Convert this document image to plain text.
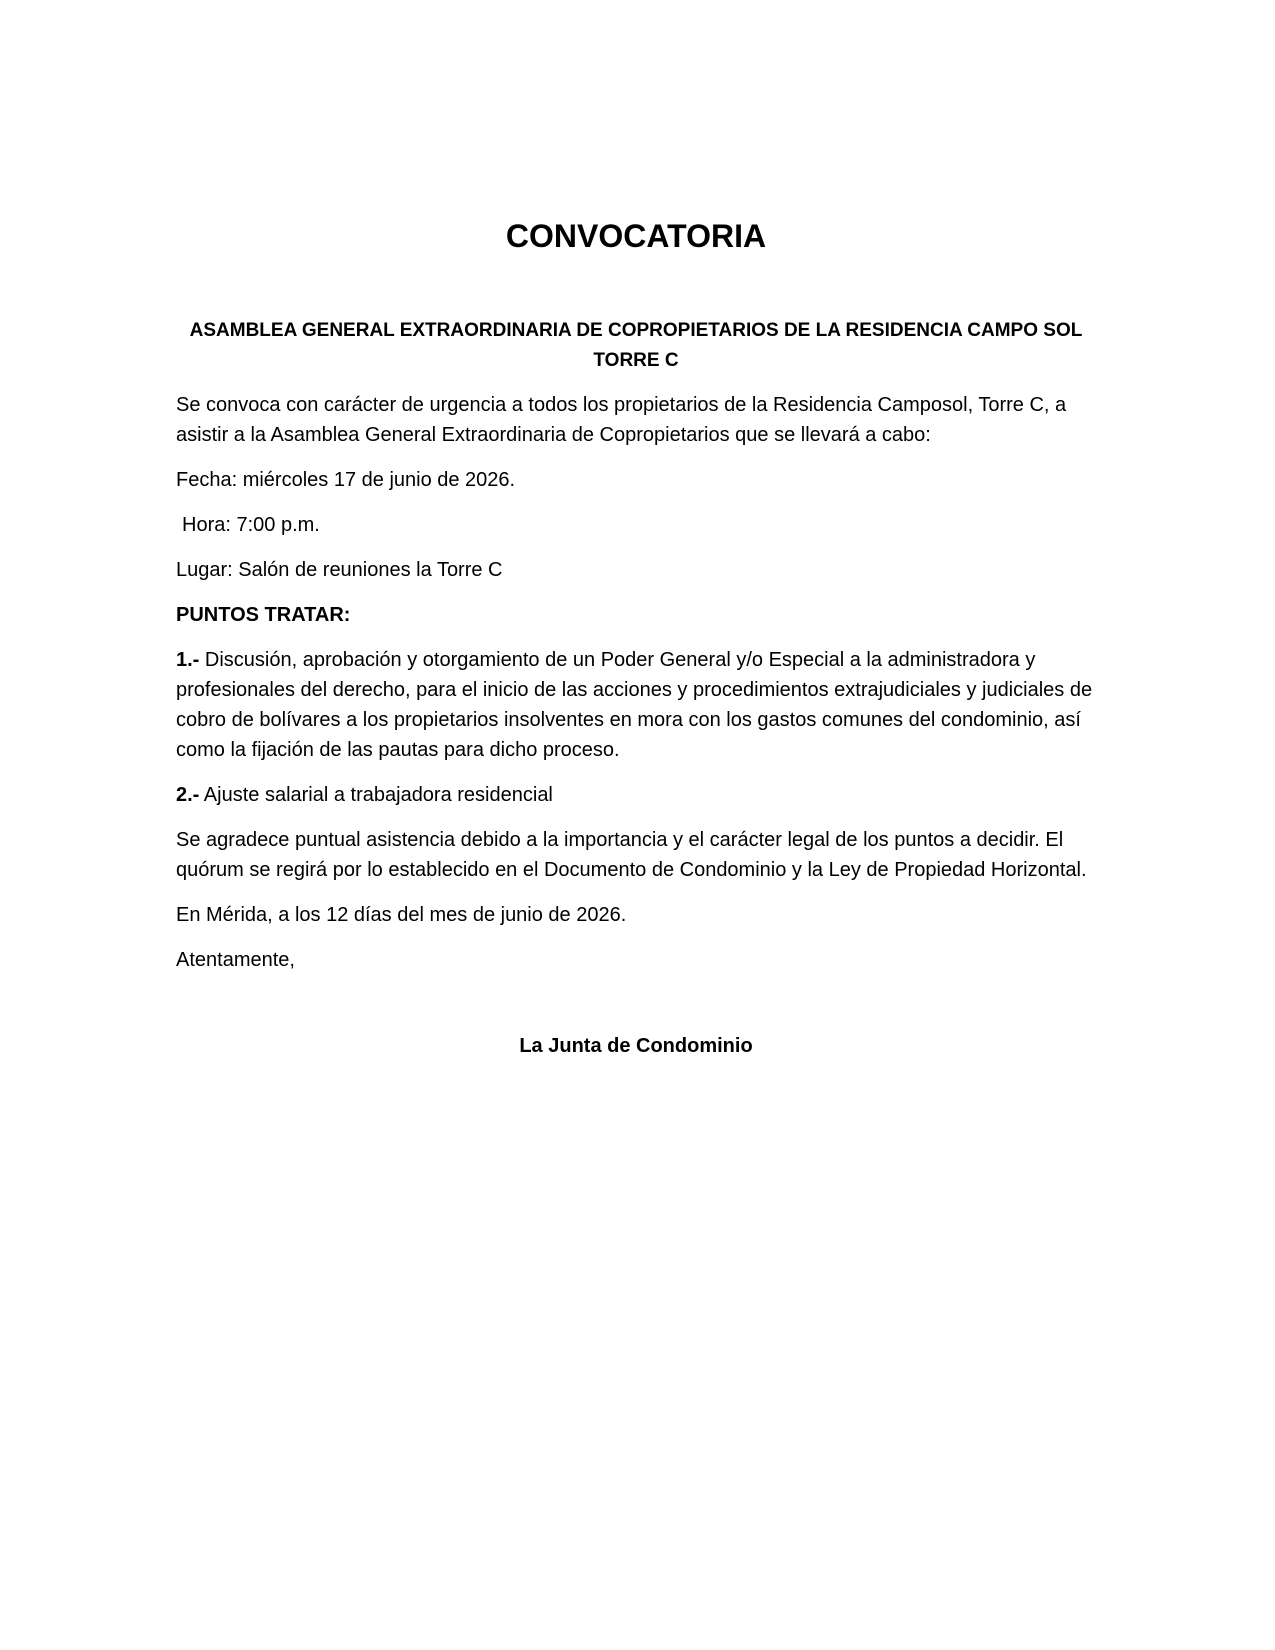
CONVOCATORIA
ASAMBLEA GENERAL EXTRAORDINARIA DE COPROPIETARIOS DE LA RESIDENCIA CAMPO SOL
TORRE C

Se convoca con carácter de urgencia a todos los propietarios de la Residencia Camposol, Torre C, a asistir a la Asamblea General Extraordinaria de Copropietarios que se llevará a cabo:

Fecha: miércoles 17 de junio de 2026.

Hora: 7:00 p.m.

Lugar: Salón de reuniones la Torre C

PUNTOS TRATAR:

1.- Discusión, aprobación y otorgamiento de un Poder General y/o Especial a la administradora y profesionales del derecho, para el inicio de las acciones y procedimientos extrajudiciales y judiciales de cobro de bolívares a los propietarios insolventes en mora con los gastos comunes del condominio, así como la fijación de las pautas para dicho proceso.

2.- Ajuste salarial a trabajadora residencial

Se agradece puntual asistencia debido a la importancia y el carácter legal de los puntos a decidir. El quórum se regirá por lo establecido en el Documento de Condominio y la Ley de Propiedad Horizontal.

En Mérida, a los 12 días del mes de junio de 2026.

Atentamente,

La Junta de Condominio
